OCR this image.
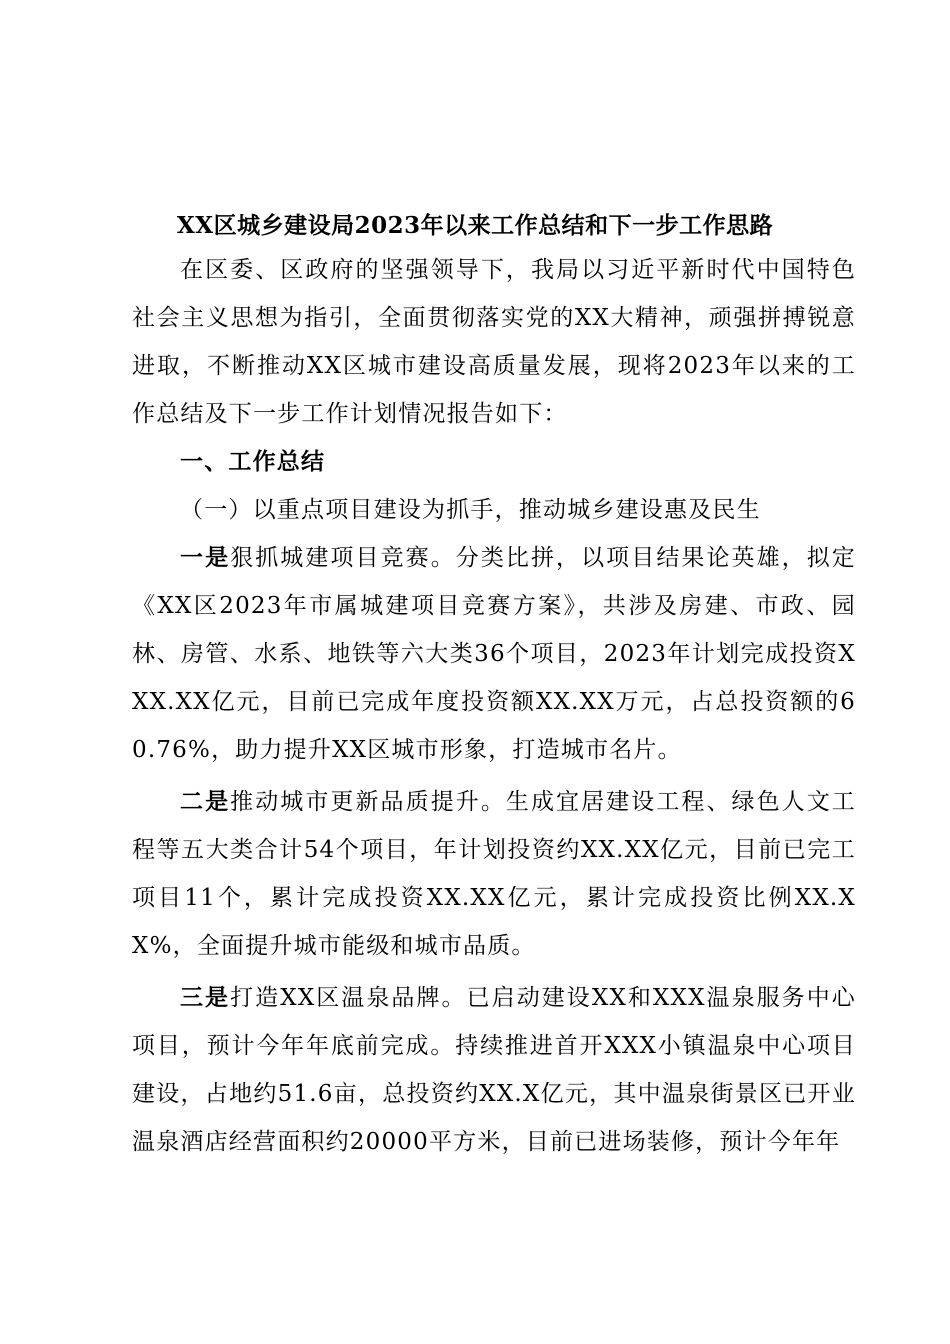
XX区城乡建设局2023年以来工作总结和下一步工作思路

在区委、区政府的坚强领导下，我局以习近平新时代中国特色社会主义思想为指引，全面贯彻落实党的XX大精神，顽强拼搏锐意进取，不断推动XX区城市建设高质量发展，现将2023年以来的工作总结及下一步工作计划情况报告如下：

一、工作总结

（一）以重点项目建设为抓手，推动城乡建设惠及民生

一是狠抓城建项目竞赛。分类比拼，以项目结果论英雄，拟定《XX区2023年市属城建项目竞赛方案》，共涉及房建、市政、园林、房管、水系、地铁等六大类36个项目，2023年计划完成投资XXX.XX亿元，目前已完成年度投资额XX.XX万元，占总投资额的60.76%，助力提升XX区城市形象，打造城市名片。

二是推动城市更新品质提升。生成宜居建设工程、绿色人文工程等五大类合计54个项目，年计划投资约XX.XX亿元，目前已完工项目11个，累计完成投资XX.XX亿元，累计完成投资比例XX.XX%，全面提升城市能级和城市品质。

三是打造XX区温泉品牌。已启动建设XX和XXX温泉服务中心项目，预计今年年底前完成。持续推进首开XXX小镇温泉中心项目建设，占地约51.6亩，总投资约XX.X亿元，其中温泉街景区已开业温泉酒店经营面积约20000平方米，目前已进场装修，预计今年年
